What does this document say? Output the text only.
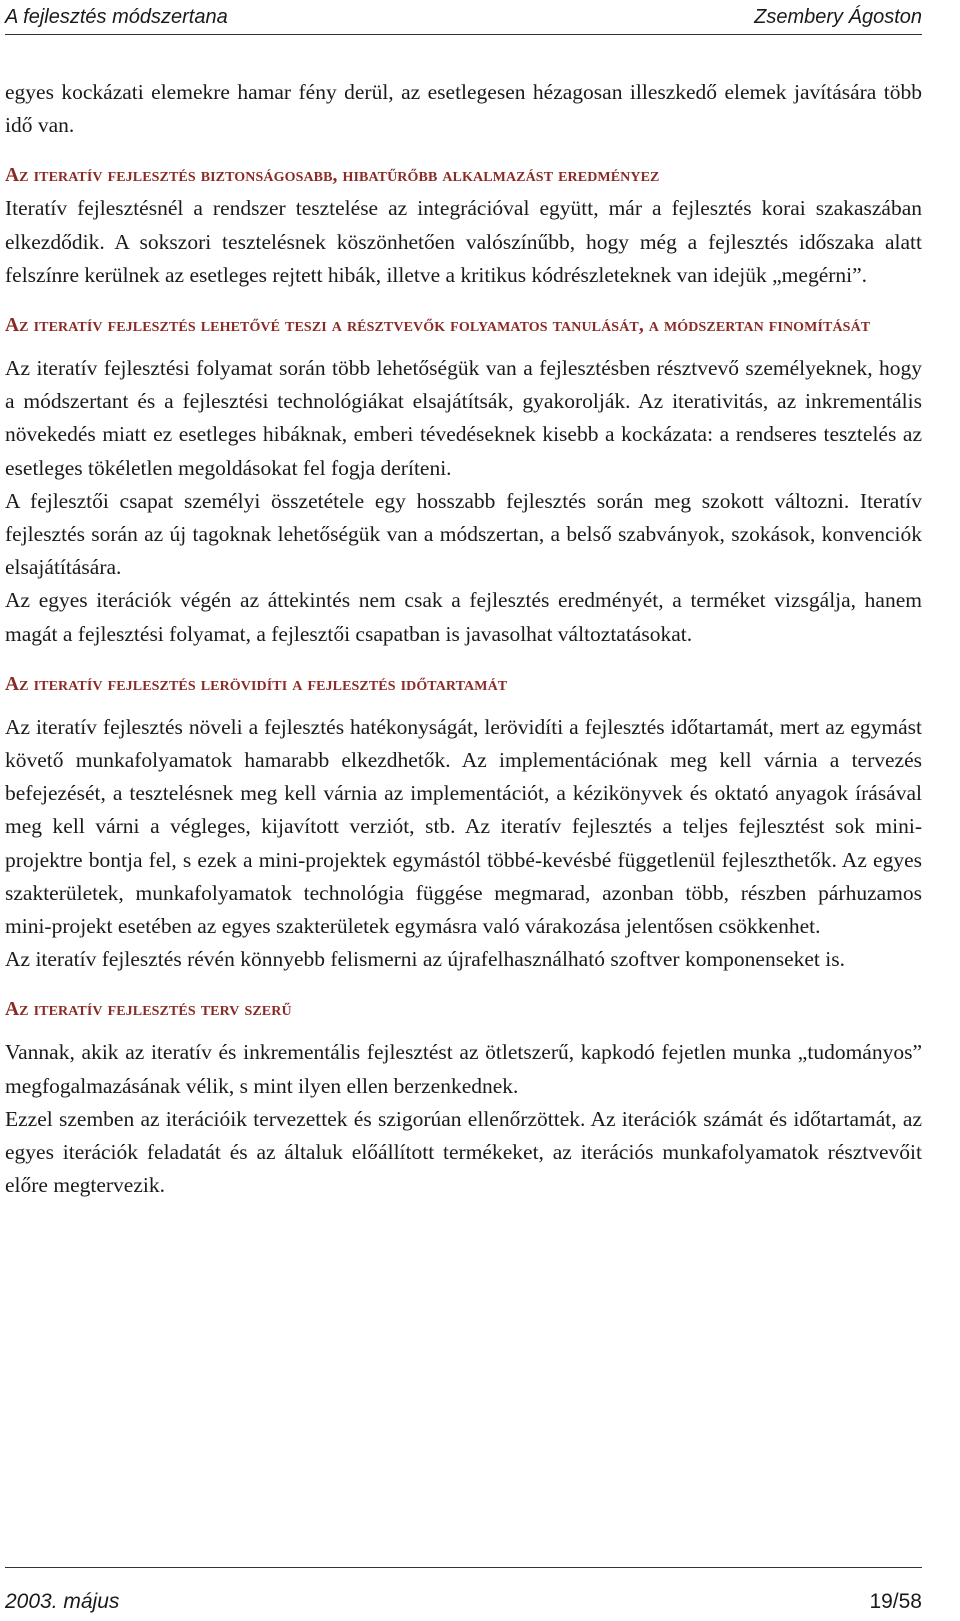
A fejlesztés módszertana	Zsembery Ágoston

egyes kockázati elemekre hamar fény derül, az esetlegesen hézagosan illeszkedő elemek javítására több idő van.

Az iteratív fejlesztés biztonságosabb, hibatűrőbb alkalmazást eredményez

Iteratív fejlesztésnél a rendszer tesztelése az integrációval együtt, már a fejlesztés korai szakaszában elkezdődik. A sokszori tesztelésnek köszönhetően valószínűbb, hogy még a fejlesztés időszaka alatt felszínre kerülnek az esetleges rejtett hibák, illetve a kritikus kódrészleteknek van idejük „megérni”.

Az iteratív fejlesztés lehetővé teszi a résztvevők folyamatos tanulását, a módszertan finomítását

Az iteratív fejlesztési folyamat során több lehetőségük van a fejlesztésben résztvevő személyeknek, hogy a módszertant és a fejlesztési technológiákat elsajátítsák, gyakorolják. Az iterativitás, az inkrementális növekedés miatt ez esetleges hibáknak, emberi tévedéseknek kisebb a kockázata: a rendseres tesztelés az esetleges tökéletlen megoldásokat fel fogja deríteni.

A fejlesztői csapat személyi összetétele egy hosszabb fejlesztés során meg szokott változni. Iteratív fejlesztés során az új tagoknak lehetőségük van a módszertan, a belső szabványok, szokások, konvenciók elsajátítására.

Az egyes iterációk végén az áttekintés nem csak a fejlesztés eredményét, a terméket vizsgálja, hanem magát a fejlesztési folyamat, a fejlesztői csapatban is javasolhat változtatásokat.

Az iteratív fejlesztés lerövidíti a fejlesztés időtartamát

Az iteratív fejlesztés növeli a fejlesztés hatékonyságát, lerövidíti a fejlesztés időtartamát, mert az egymást követő munkafolyamatok hamarabb elkezdhetők. Az implementációnak meg kell várnia a tervezés befejezését, a tesztelésnek meg kell várnia az implementációt, a kézikönyvek és oktató anyagok írásával meg kell várni a végleges, kijavított verziót, stb. Az iteratív fejlesztés a teljes fejlesztést sok mini-projektre bontja fel, s ezek a mini-projektek egymástól többé-kevésbé függetlenül fejleszthetők. Az egyes szakterületek, munkafolyamatok technológia függése megmarad, azonban több, részben párhuzamos mini-projekt esetében az egyes szakterületek egymásra való várakozása jelentősen csökkenhet.

Az iteratív fejlesztés révén könnyebb felismerni az újrafelhasználható szoftver komponenseket is.

Az iteratív fejlesztés terv szerű

Vannak, akik az iteratív és inkrementális fejlesztést az ötletszerű, kapkodó fejetlen munka „tudományos” megfogalmazásának vélik, s mint ilyen ellen berzenkednek.

Ezzel szemben az iterációik tervezettek és szigorúan ellenőrzöttek. Az iterációk számát és időtartamát, az egyes iterációk feladatát és az általuk előállított termékeket, az iterációs munkafolyamatok résztvevőit előre megtervezik.

2003. május	19/58
